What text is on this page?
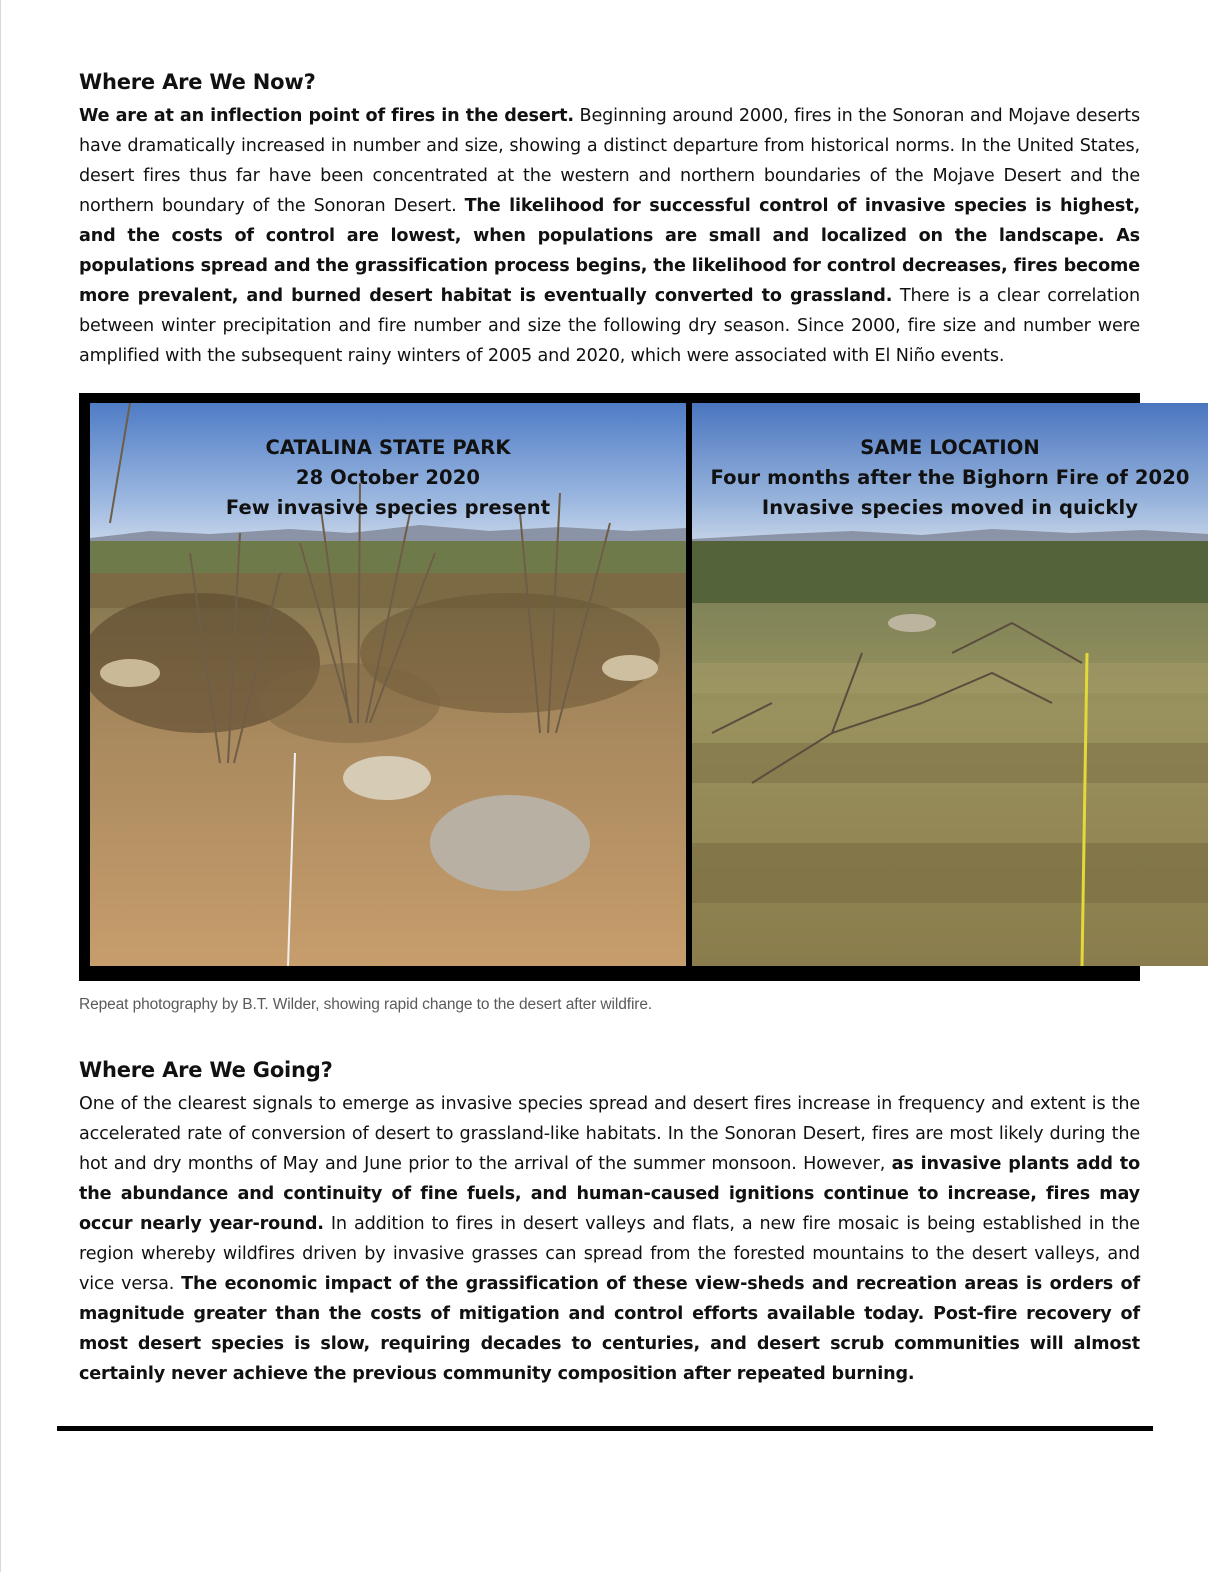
Where Are We Now?

We are at an inflection point of fires in the desert. Beginning around 2000, fires in the Sonoran and Mojave deserts have dramatically increased in number and size, showing a distinct departure from historical norms. In the United States, desert fires thus far have been concentrated at the western and northern boundaries of the Mojave Desert and the northern boundary of the Sonoran Desert. The likelihood for successful control of invasive species is highest, and the costs of control are lowest, when populations are small and localized on the landscape. As populations spread and the grassification process begins, the likelihood for control decreases, fires become more prevalent, and burned desert habitat is eventually converted to grassland. There is a clear correlation between winter precipitation and fire number and size the following dry season. Since 2000, fire size and number were amplified with the subsequent rainy winters of 2005 and 2020, which were associated with El Niño events.

CATALINA STATE PARK
28 October 2020
Few invasive species present
SAME LOCATION
Four months after the Bighorn Fire of 2020
Invasive species moved in quickly
Repeat photography by B.T. Wilder, showing rapid change to the desert after wildfire.
Where Are We Going?

One of the clearest signals to emerge as invasive species spread and desert fires increase in frequency and extent is the accelerated rate of conversion of desert to grassland-like habitats. In the Sonoran Desert, fires are most likely during the hot and dry months of May and June prior to the arrival of the summer monsoon. However, as invasive plants add to the abundance and continuity of fine fuels, and human-caused ignitions continue to increase, fires may occur nearly year-round. In addition to fires in desert valleys and flats, a new fire mosaic is being established in the region whereby wildfires driven by invasive grasses can spread from the forested mountains to the desert valleys, and vice versa. The economic impact of the grassification of these view-sheds and recreation areas is orders of magnitude greater than the costs of mitigation and control efforts available today. Post-fire recovery of most desert species is slow, requiring decades to centuries, and desert scrub communities will almost certainly never achieve the previous community composition after repeated burning.
